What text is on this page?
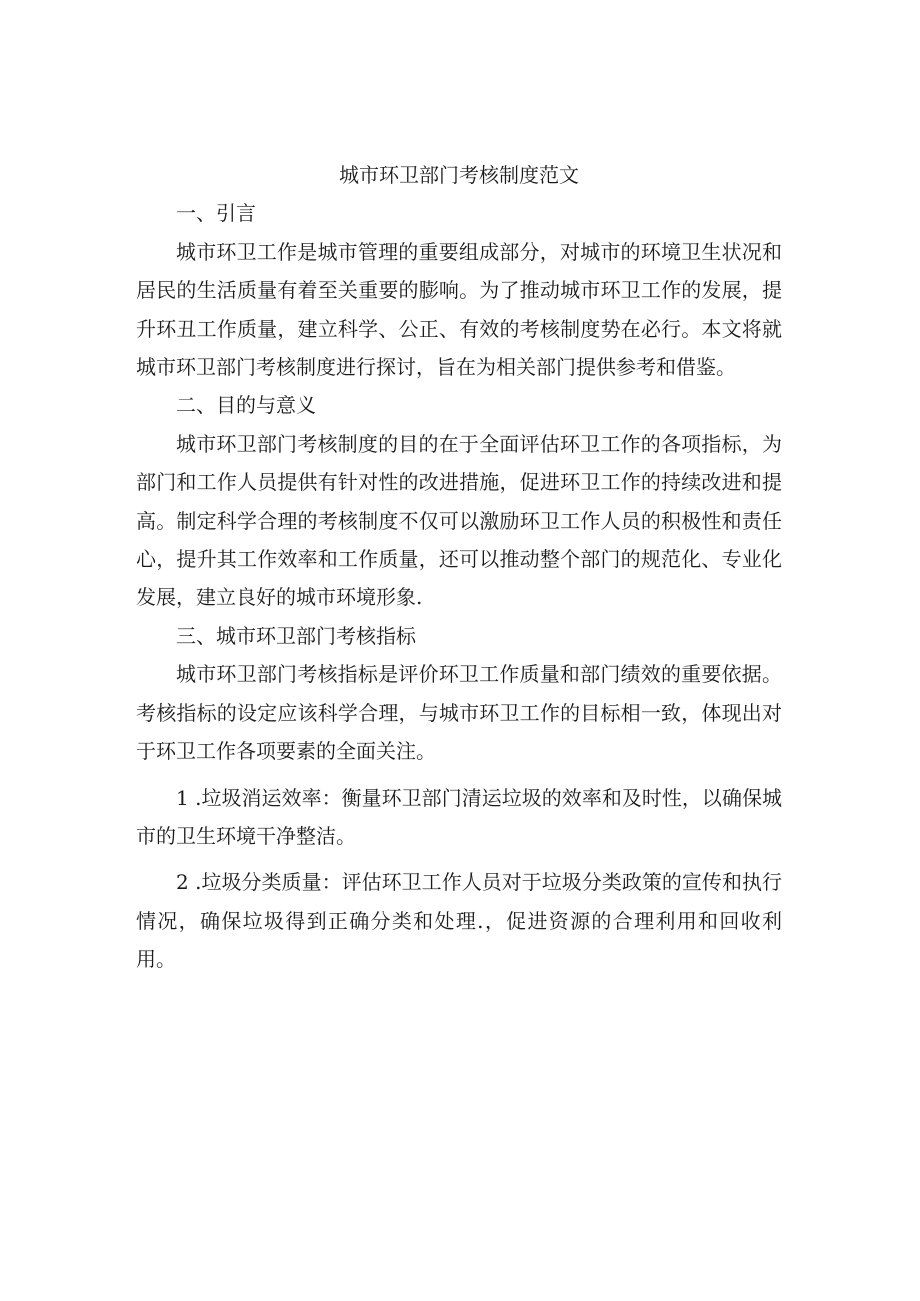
城市环卫部门考核制度范文
一、引言

城市环卫工作是城市管理的重要组成部分，对城市的环境卫生状况和居民的生活质量有着至关重要的膨响。为了推动城市环卫工作的发展，提升环丑工作质量，建立科学、公正、有效的考核制度势在必行。本文将就城市环卫部门考核制度进行探讨，旨在为相关部门提供参考和借鉴。

二、目的与意义

城市环卫部门考核制度的目的在于全面评估环卫工作的各项指标，为部门和工作人员提供有针对性的改进措施，促进环卫工作的持续改进和提高。制定科学合理的考核制度不仅可以激励环卫工作人员的积极性和责任心，提升其工作效率和工作质量，还可以推动整个部门的规范化、专业化发展，建立良好的城市环境形象.

三、城市环卫部门考核指标

城市环卫部门考核指标是评价环卫工作质量和部门绩效的重要依据。考核指标的设定应该科学合理，与城市环卫工作的目标相一致，体现出对于环卫工作各项要素的全面关注。

1 .垃圾消运效率：衡量环卫部门清运垃圾的效率和及时性，以确保城市的卫生环境干净整洁。

2 .垃圾分类质量：评估环卫工作人员对于垃圾分类政策的宣传和执行情况，确保垃圾得到正确分类和处理.，促进资源的合理利用和回收利用。
